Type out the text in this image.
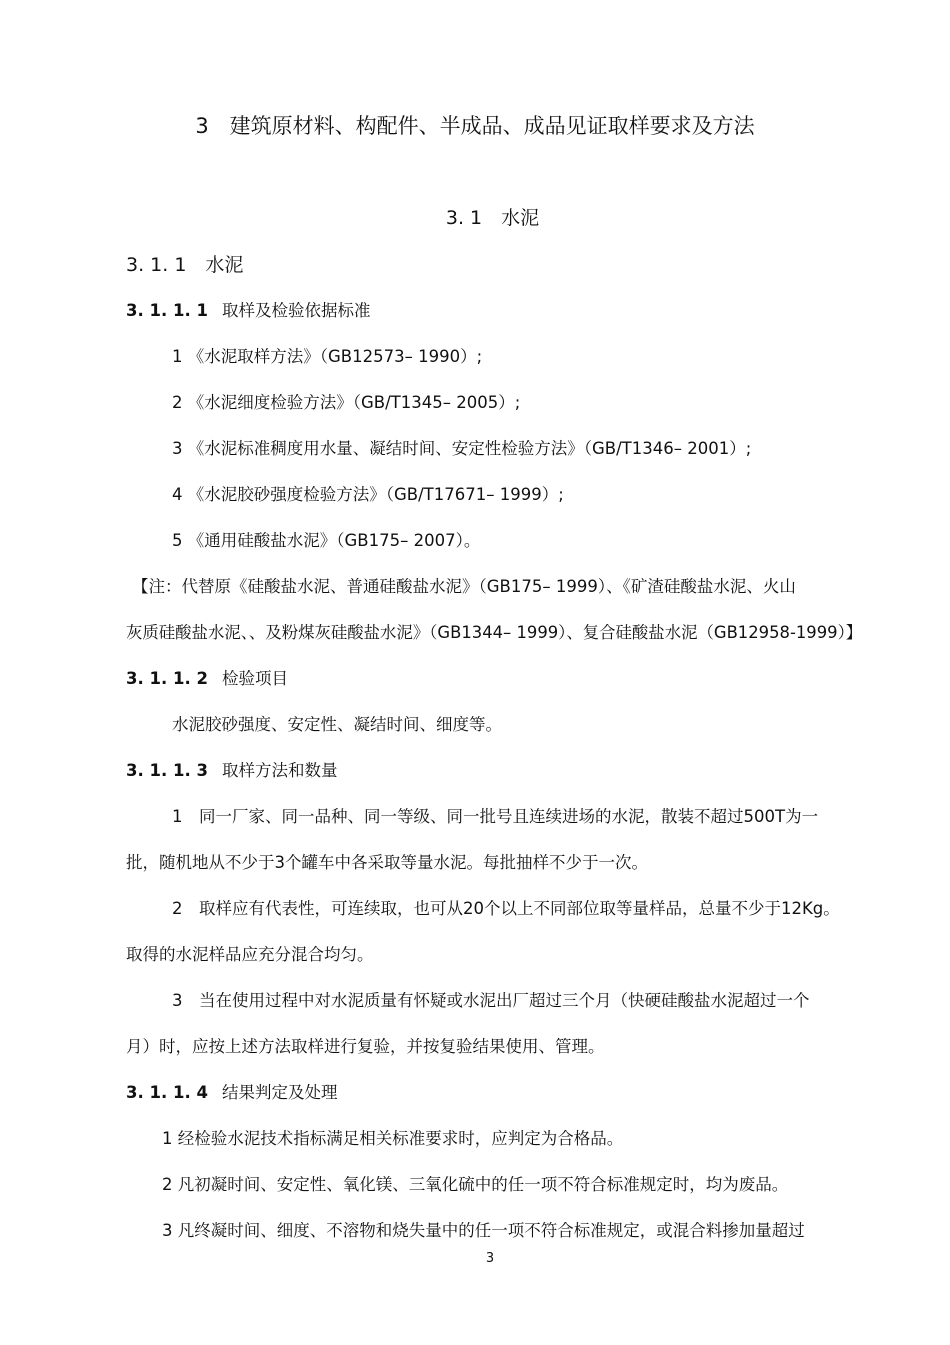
3　建筑原材料、构配件、半成品、成品见证取样要求及方法
3. 1　水泥
3. 1. 1　水泥
3. 1. 1. 1 取样及检验依据标准
1 《水泥取样方法》（GB12573– 1990）;
2 《水泥细度检验方法》（GB/T1345– 2005）;
3 《水泥标准稠度用水量、凝结时间、安定性检验方法》（GB/T1346– 2001）;
4 《水泥胶砂强度检验方法》（GB/T17671– 1999）;
5 《通用硅酸盐水泥》（GB175– 2007）。
【注：代替原《硅酸盐水泥、普通硅酸盐水泥》（GB175– 1999）、《矿渣硅酸盐水泥、火山
灰质硅酸盐水泥、、及粉煤灰硅酸盐水泥》（GB1344– 1999）、复合硅酸盐水泥（GB12958-1999）】
3. 1. 1. 2 检验项目
水泥胶砂强度、安定性、凝结时间、细度等。
3. 1. 1. 3 取样方法和数量
1　同一厂家、同一品种、同一等级、同一批号且连续进场的水泥，散装不超过500T为一
批，随机地从不少于3个罐车中各采取等量水泥。每批抽样不少于一次。
2　取样应有代表性，可连续取，也可从20个以上不同部位取等量样品，总量不少于12Kg。
取得的水泥样品应充分混合均匀。
3　当在使用过程中对水泥质量有怀疑或水泥出厂超过三个月（快硬硅酸盐水泥超过一个
月）时，应按上述方法取样进行复验，并按复验结果使用、管理。
3. 1. 1. 4 结果判定及处理
1 经检验水泥技术指标满足相关标准要求时，应判定为合格品。
2 凡初凝时间、安定性、氧化镁、三氧化硫中的任一项不符合标准规定时，均为废品。
3 凡终凝时间、细度、不溶物和烧失量中的任一项不符合标准规定，或混合料掺加量超过
3
